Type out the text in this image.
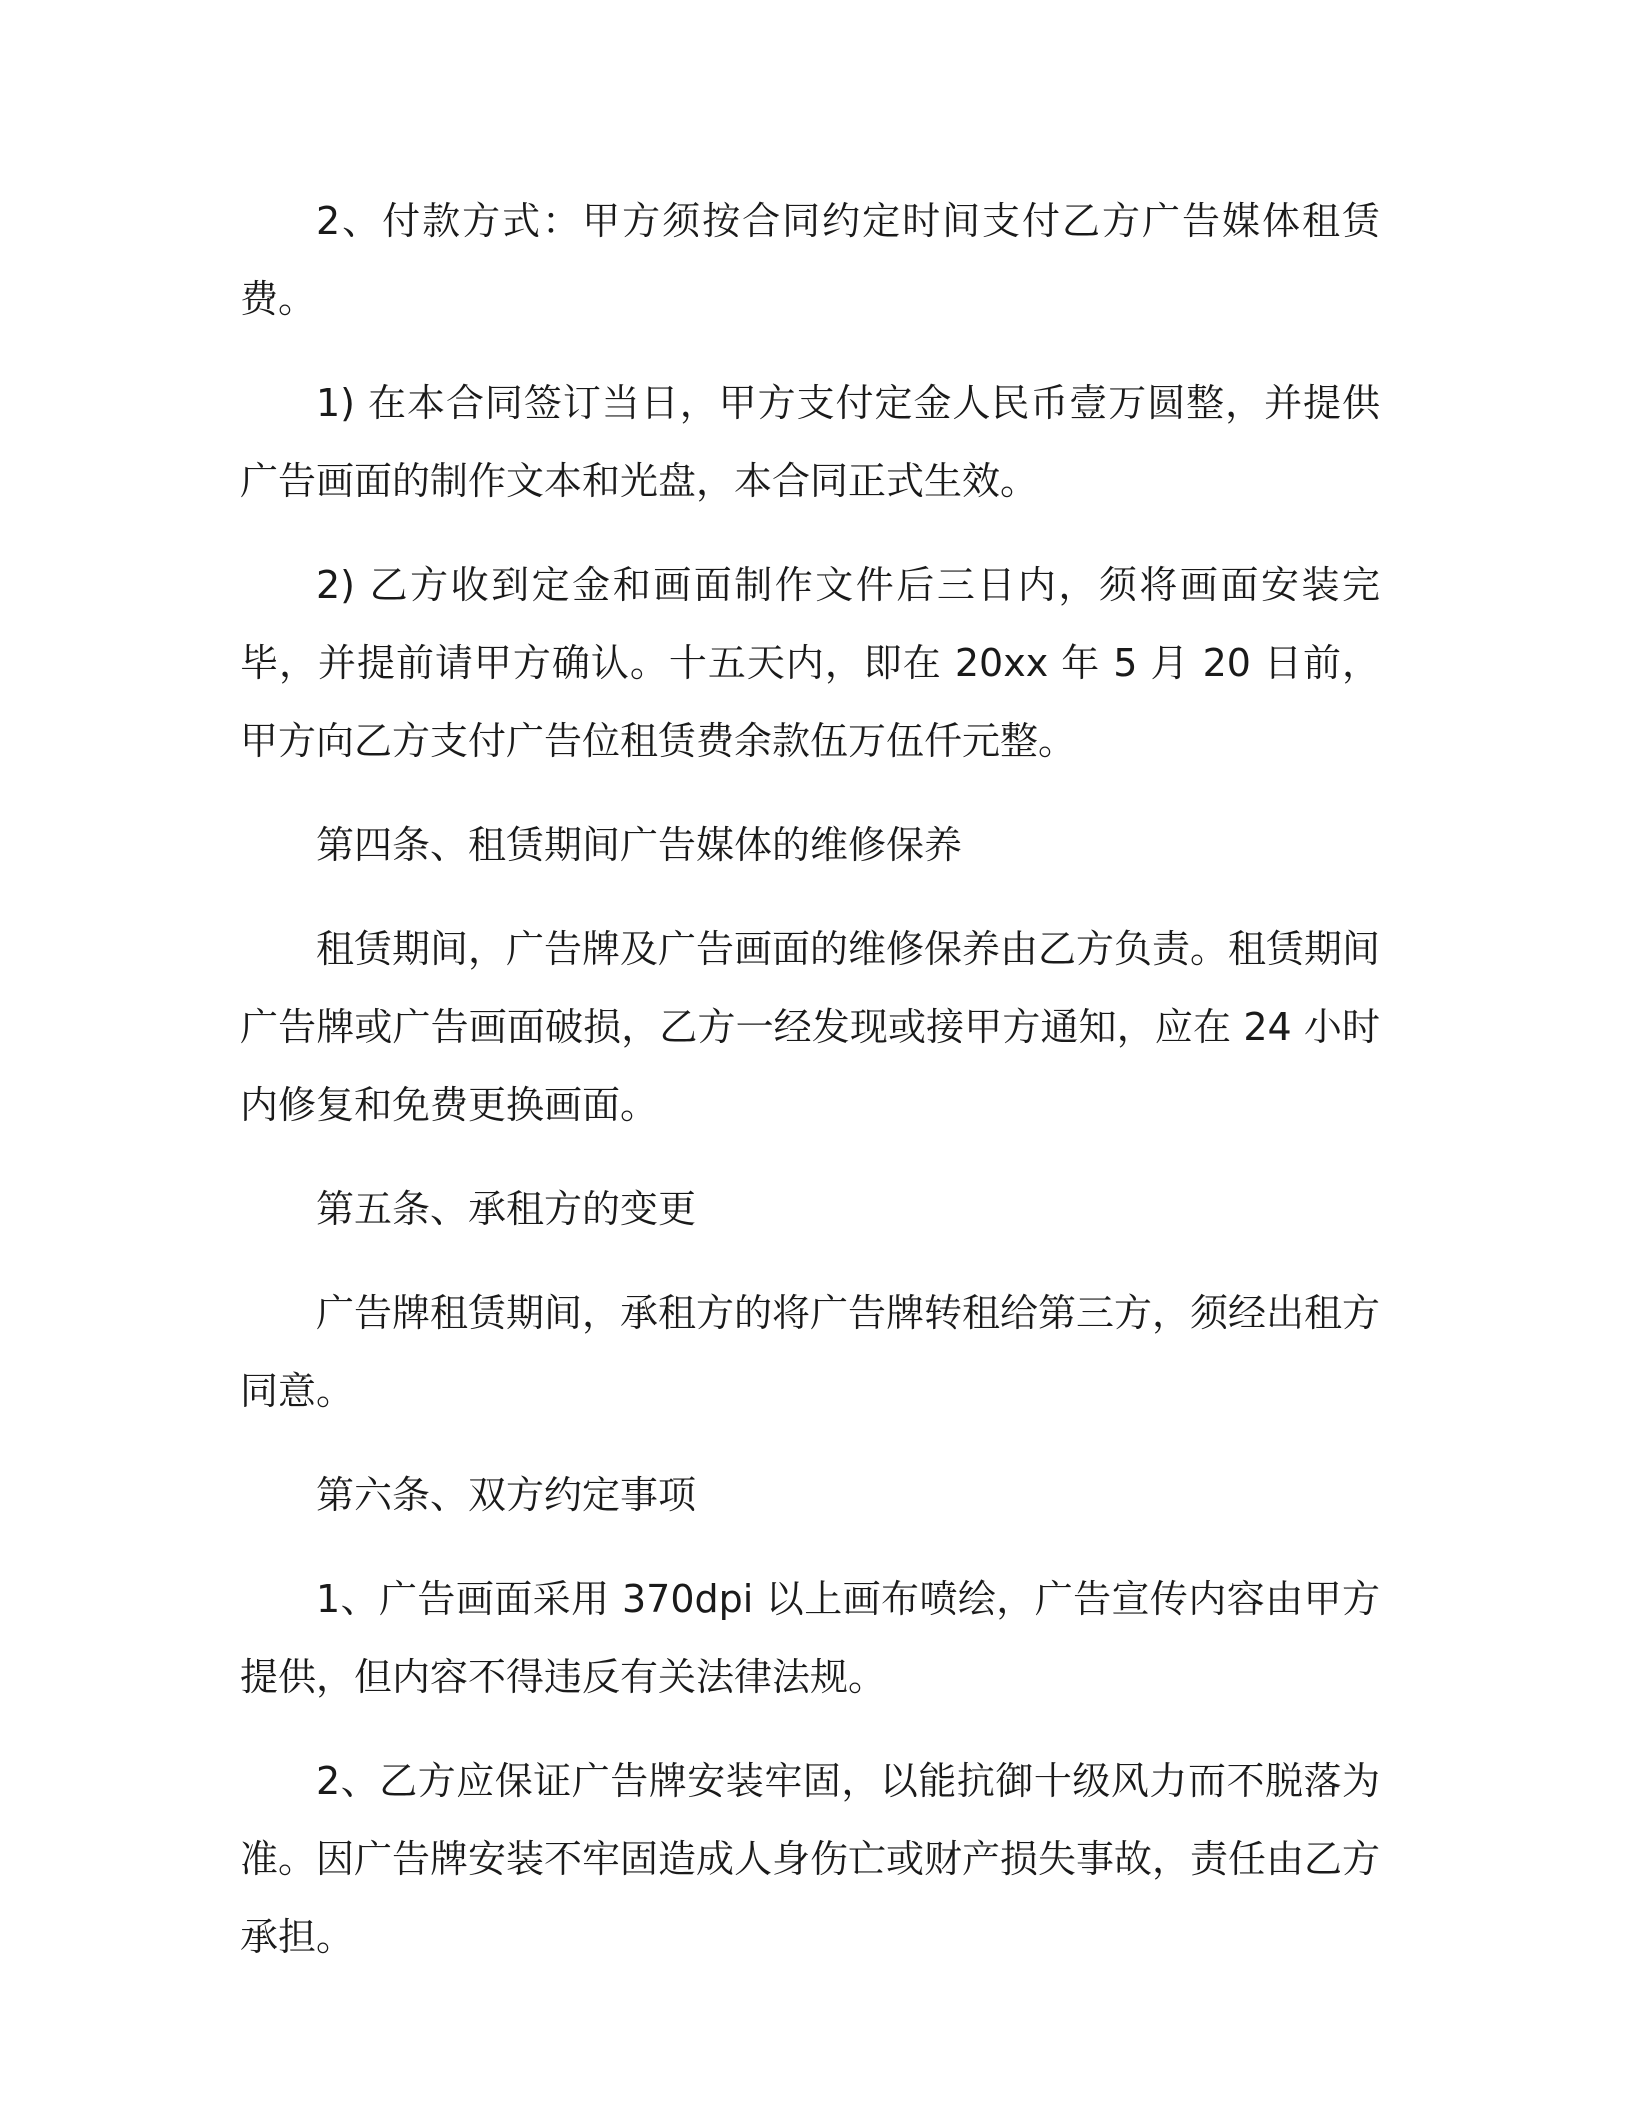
2、付款方式：甲方须按合同约定时间支付乙方广告媒体租赁费。

1) 在本合同签订当日，甲方支付定金人民币壹万圆整，并提供广告画面的制作文本和光盘，本合同正式生效。

2) 乙方收到定金和画面制作文件后三日内，须将画面安装完毕，并提前请甲方确认。十五天内，即在 20xx 年 5 月 20 日前，甲方向乙方支付广告位租赁费余款伍万伍仟元整。

第四条、租赁期间广告媒体的维修保养

租赁期间，广告牌及广告画面的维修保养由乙方负责。租赁期间广告牌或广告画面破损，乙方一经发现或接甲方通知，应在 24 小时内修复和免费更换画面。

第五条、承租方的变更

广告牌租赁期间，承租方的将广告牌转租给第三方，须经出租方同意。

第六条、双方约定事项

1、广告画面采用 370dpi 以上画布喷绘，广告宣传内容由甲方提供，但内容不得违反有关法律法规。

2、乙方应保证广告牌安装牢固，以能抗御十级风力而不脱落为准。因广告牌安装不牢固造成人身伤亡或财产损失事故，责任由乙方承担。
